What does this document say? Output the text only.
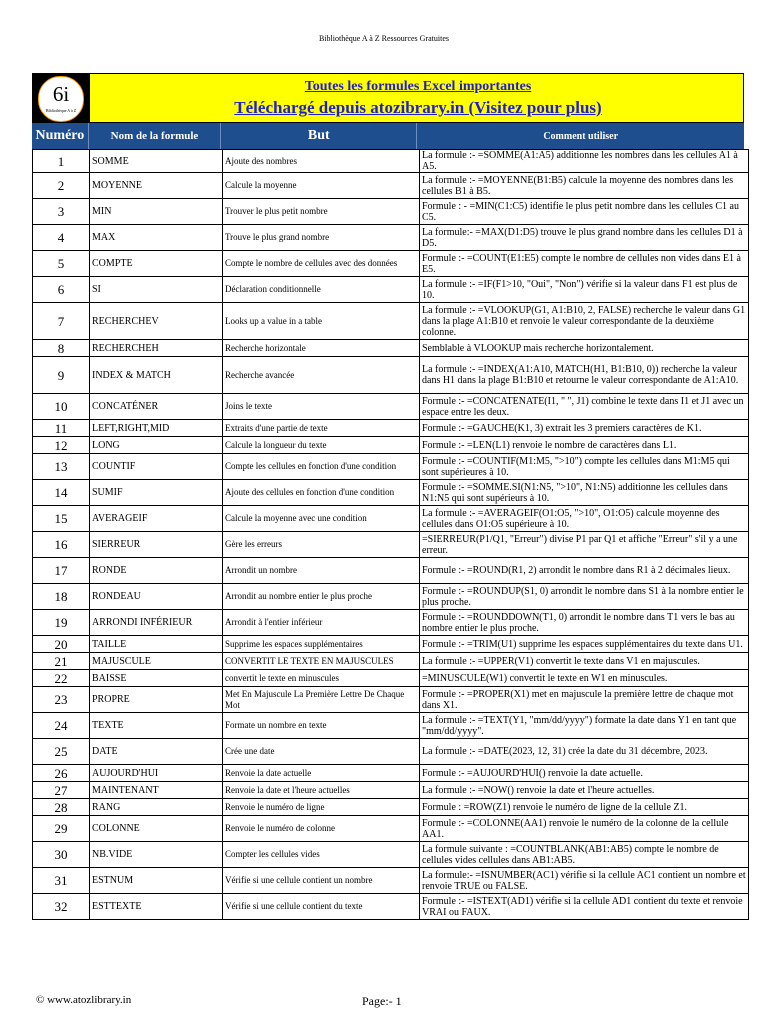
Bibliothèque A à Z Ressources Gratuites
6i
Bibliothèque A à Z
Toutes les formules Excel importantes
Téléchargé depuis atozibrary.in (Visitez pour plus)
Numéro	Nom de la formule	But	Comment utiliser
1	SOMME	Ajoute des nombres	La formule :- =SOMME(A1:A5) additionne les nombres dans les cellules A1 à A5.
2	MOYENNE	Calcule la moyenne	La formule :- =MOYENNE(B1:B5) calcule la moyenne des nombres dans les cellules B1 à B5.
3	MIN	Trouver le plus petit nombre	Formule : - =MIN(C1:C5) identifie le plus petit nombre dans les cellules C1 au C5.
4	MAX	Trouve le plus grand nombre	La formule:- =MAX(D1:D5) trouve le plus grand nombre dans les cellules D1 à D5.
5	COMPTE	Compte le nombre de cellules avec des données	Formule :- =COUNT(E1:E5) compte le nombre de cellules non vides dans E1 à E5.
6	SI	Déclaration conditionnelle	La formule :- =IF(F1>10, "Oui", "Non") vérifie si la valeur dans F1 est plus de 10.
7	RECHERCHEV	Looks up a value in a table	La formule :- =VLOOKUP(G1, A1:B10, 2, FALSE) recherche le valeur dans G1 dans la plage A1:B10 et renvoie le valeur correspondante de la deuxième colonne.
8	RECHERCHEH	Recherche horizontale	Semblable à VLOOKUP mais recherche horizontalement.
9	INDEX & MATCH	Recherche avancée	La formule :- =INDEX(A1:A10, MATCH(H1, B1:B10, 0)) recherche la valeur dans H1 dans la plage B1:B10 et retourne le valeur correspondante de A1:A10.
10	CONCATÉNER	Joins le texte	Formule :- =CONCATENATE(I1, " ", J1) combine le texte dans I1 et J1 avec un espace entre les deux.
11	LEFT,RIGHT,MID	Extraits d'une partie de texte	Formule :- =GAUCHE(K1, 3) extrait les 3 premiers caractères de K1.
12	LONG	Calcule la longueur du texte	Formule :- =LEN(L1) renvoie le nombre de caractères dans L1.
13	COUNTIF	Compte les cellules en fonction d'une condition	Formule :- =COUNTIF(M1:M5, ">10") compte les cellules dans M1:M5 qui sont supérieures à 10.
14	SUMIF	Ajoute des cellules en fonction d'une condition	Formule :- =SOMME.SI(N1:N5, ">10", N1:N5) additionne les cellules dans N1:N5 qui sont supérieurs à 10.
15	AVERAGEIF	Calcule la moyenne avec une condition	La formule :- =AVERAGEIF(O1:O5, ">10", O1:O5) calcule moyenne des cellules dans O1:O5 supérieure à 10.
16	SIERREUR	Gère les erreurs	=SIERREUR(P1/Q1, "Erreur") divise P1 par Q1 et affiche "Erreur" s'il y a une erreur.
17	RONDE	Arrondit un nombre	Formule :- =ROUND(R1, 2) arrondit le nombre dans R1 à 2 décimales lieux.
18	RONDEAU	Arrondit au nombre entier le plus proche	Formule :- =ROUNDUP(S1, 0) arrondit le nombre dans S1 à la nombre entier le plus proche.
19	ARRONDI INFÉRIEUR	Arrondit à l'entier inférieur	Formule :- =ROUNDDOWN(T1, 0) arrondit le nombre dans T1 vers le bas au nombre entier le plus proche.
20	TAILLE	Supprime les espaces supplémentaires	Formule :- =TRIM(U1) supprime les espaces supplémentaires du texte dans U1.
21	MAJUSCULE	CONVERTIT LE TEXTE EN MAJUSCULES	La formule :- =UPPER(V1) convertit le texte dans V1 en majuscules.
22	BAISSE	convertit le texte en minuscules	=MINUSCULE(W1) convertit le texte en W1 en minuscules.
23	PROPRE	Met En Majuscule La Première Lettre De Chaque Mot	Formule :- =PROPER(X1) met en majuscule la première lettre de chaque mot dans X1.
24	TEXTE	Formate un nombre en texte	La formule :- =TEXT(Y1, "mm/dd/yyyy") formate la date dans Y1 en tant que "mm/dd/yyyy".
25	DATE	Crée une date	La formule :- =DATE(2023, 12, 31) crée la date du 31 décembre, 2023.
26	AUJOURD'HUI	Renvoie la date actuelle	Formule :- =AUJOURD'HUI() renvoie la date actuelle.
27	MAINTENANT	Renvoie la date et l'heure actuelles	La formule :- =NOW() renvoie la date et l'heure actuelles.
28	RANG	Renvoie le numéro de ligne	Formule : =ROW(Z1) renvoie le numéro de ligne de la cellule Z1.
29	COLONNE	Renvoie le numéro de colonne	Formule :- =COLONNE(AA1) renvoie le numéro de la colonne de la cellule AA1.
30	NB.VIDE	Compter les cellules vides	La formule suivante : =COUNTBLANK(AB1:AB5) compte le nombre de cellules vides cellules dans AB1:AB5.
31	ESTNUM	Vérifie si une cellule contient un nombre	La formule:- =ISNUMBER(AC1) vérifie si la cellule AC1 contient un nombre et renvoie TRUE ou FALSE.
32	ESTTEXTE	Vérifie si une cellule contient du texte	Formule :- =ISTEXT(AD1) vérifie si la cellule AD1 contient du texte et renvoie VRAI ou FAUX.
© www.atozlibrary.in	Page:- 1
